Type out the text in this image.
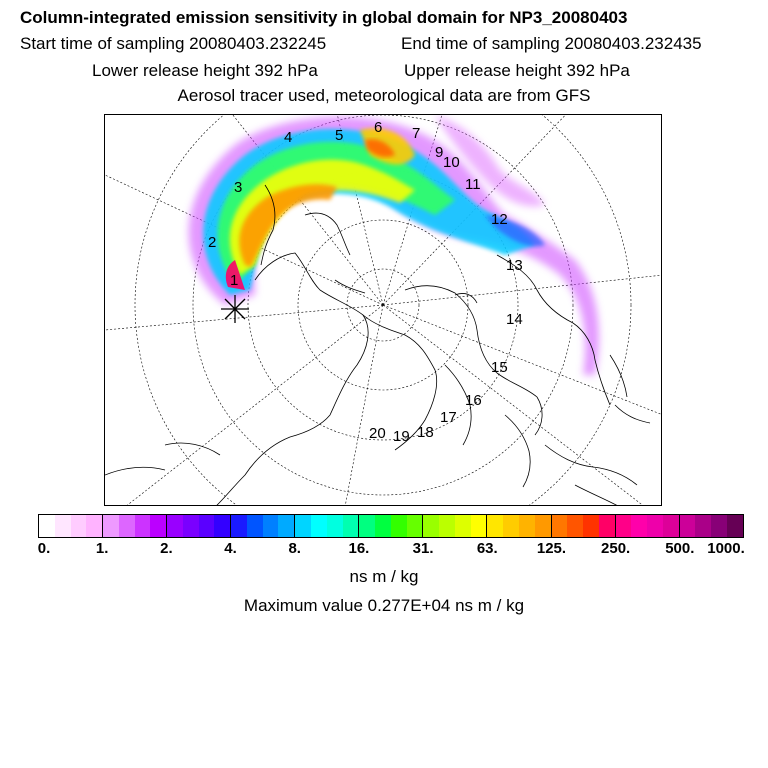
Column-integrated emission sensitivity in global domain for NP3_20080403
Start time of sampling 20080403.232245	End time of sampling 20080403.232435
Lower release height 392 hPa	Upper release height 392 hPa
Aerosol tracer used, meteorological data are from GFS
1
2
3
4	5 6 7
9
10
11
12
13
14
15
16
17
18
19
20
0.	1.	2.	4.	8.	16.	31.	63.	125. 250. 500. 1000.
ns m / kg
Maximum value 0.277E+04 ns m / kg
